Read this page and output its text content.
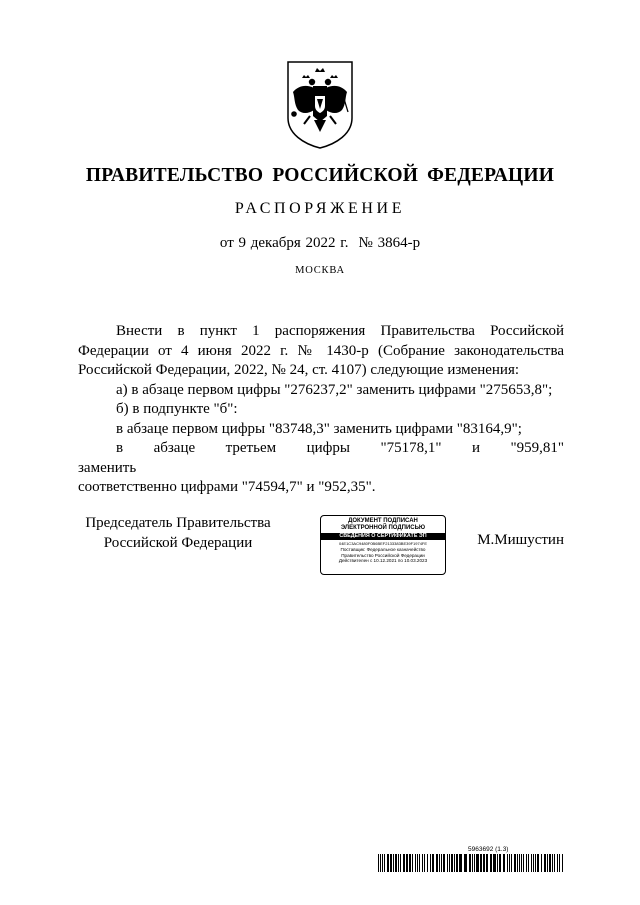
ПРАВИТЕЛЬСТВО РОССИЙСКОЙ ФЕДЕРАЦИИ
РАСПОРЯЖЕНИЕ
от 9 декабря 2022 г. № 3864-р
МОСКВА

Внести в пункт 1 распоряжения Правительства Российской Федерации от 4 июня 2022 г. № 1430-р (Собрание законодательства Российской Федерации, 2022, № 24, ст. 4107) следующие изменения:

а) в абзаце первом цифры "276237,2" заменить цифрами "275653,8";

б) в подпункте "б":

в абзаце первом цифры "83748,3" заменить цифрами "83164,9";

в абзаце третьем цифры "75178,1" и "959,81" заменить

соответственно цифрами "74594,7" и "952,35".

Председатель Правительства
Российской Федерации
ДОКУМЕНТ ПОДПИСАН
ЭЛЕКТРОННОЙ ПОДПИСЬЮ
СВЕДЕНИЯ О СЕРТИФИКАТЕ ЭП
04E1C3AC9480F0B6BEF2133383BE39F1974FE
Поставщик: Федеральное казначейство
Правительство Российской Федерации
Действителен с 10.12.2021 по 10.03.2023
М.Мишустин
5963692 (1.3)
